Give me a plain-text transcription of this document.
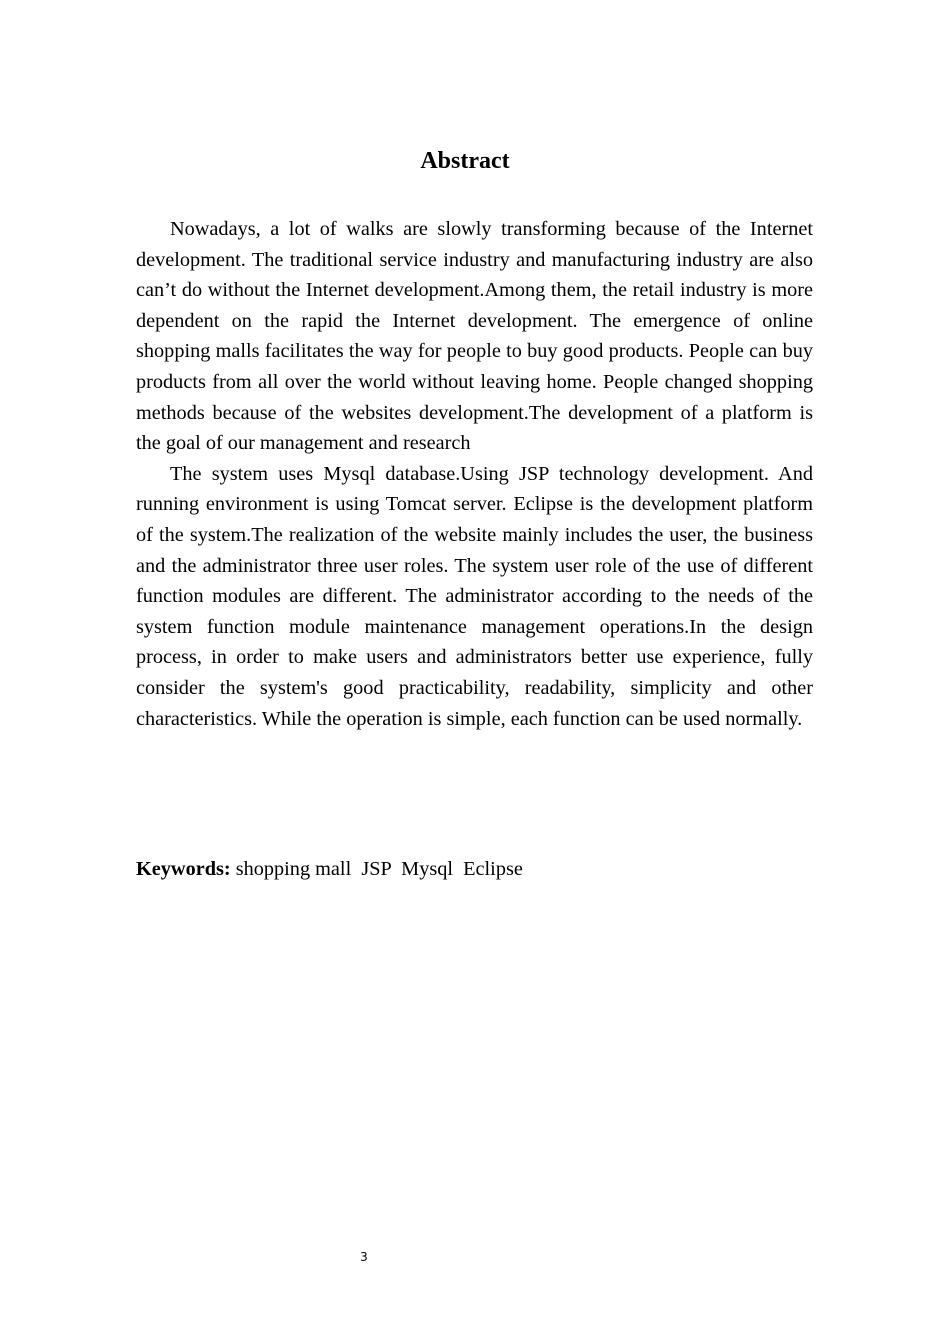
Abstract

Nowadays, a lot of walks are slowly transforming because of the Internet development. The traditional service industry and manufacturing industry are also can’t do without the Internet development.Among them, the retail industry is more dependent on the rapid the Internet development. The emergence of online shopping malls facilitates the way for people to buy good products. People can buy products from all over the world without leaving home. People changed shopping methods because of the websites development.The development of a platform is the goal of our management and research

The system uses Mysql database.Using JSP technology development. And running environment is using Tomcat server. Eclipse is the development platform of the system.The realization of the website mainly includes the user, the business and the administrator three user roles. The system user role of the use of different function modules are different. The administrator according to the needs of the system function module maintenance management operations.In the design process, in order to make users and administrators better use experience, fully consider the system's good practicability, readability, simplicity and other characteristics. While the operation is simple, each function can be used normally.

Keywords: shopping mall  JSP  Mysql  Eclipse

3
